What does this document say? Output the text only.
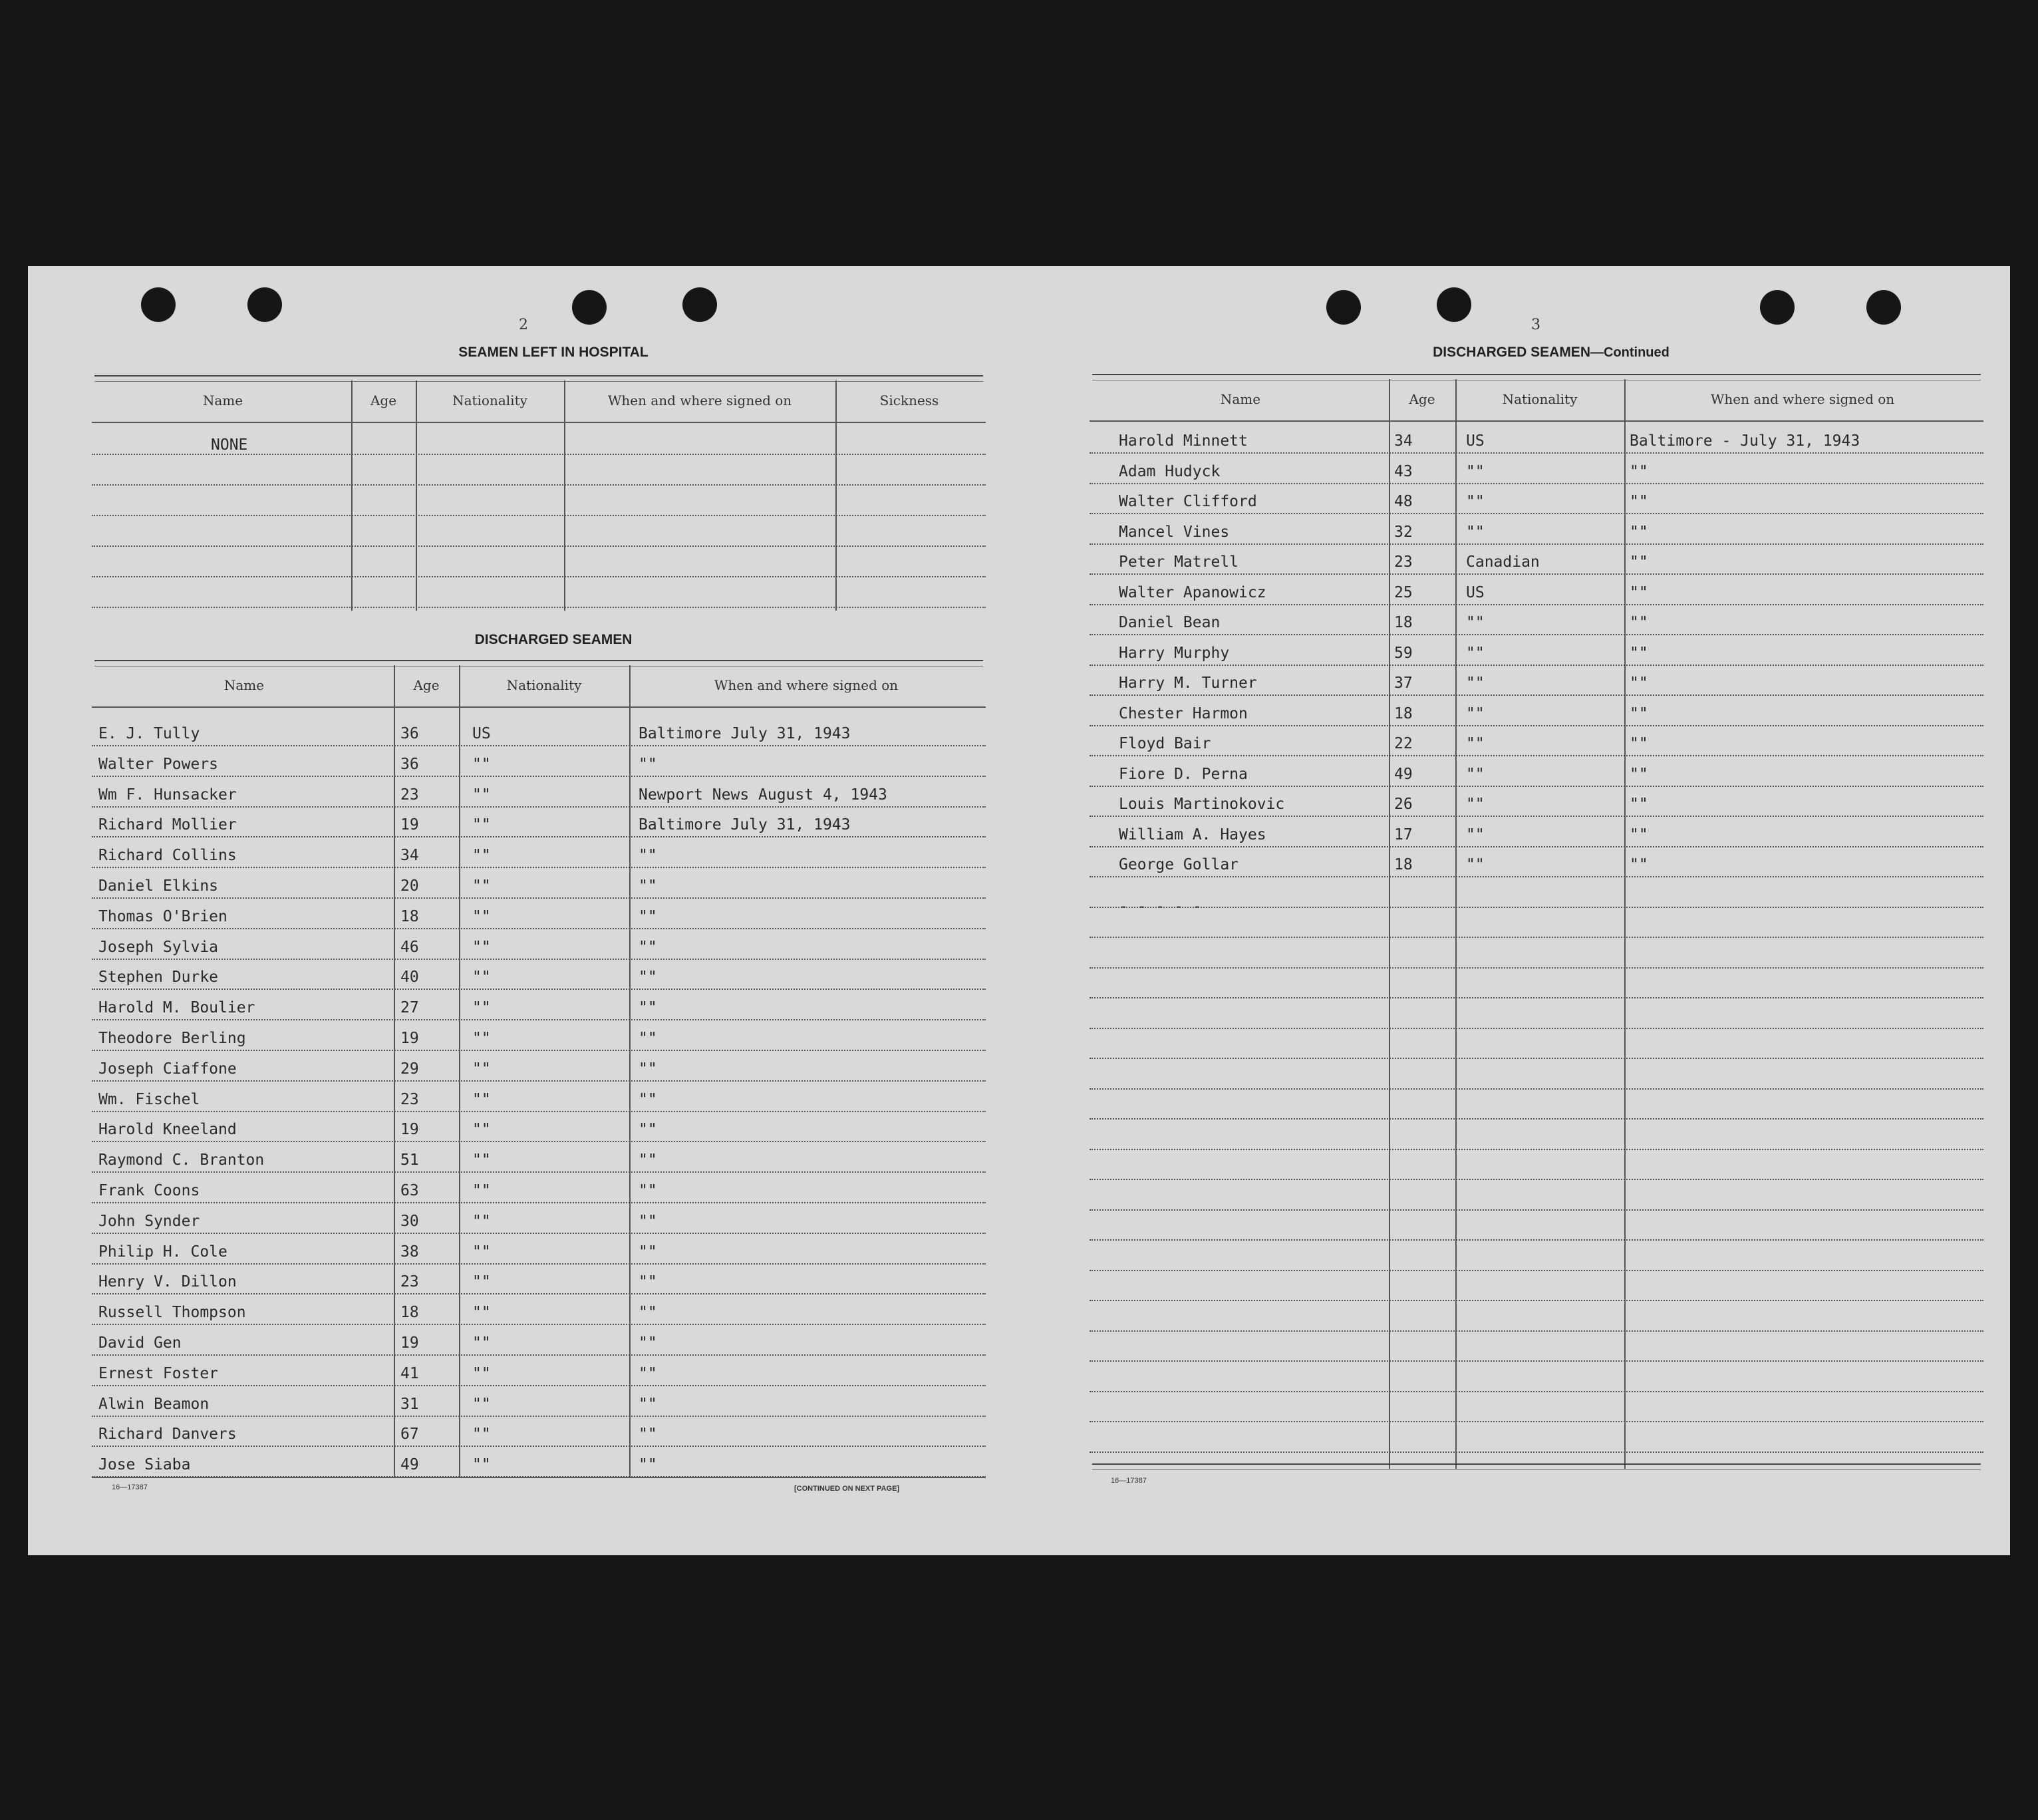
2
SEAMEN LEFT IN HOSPITAL
Name	Age	Nationality	When and where signed on	Sickness
NONE
DISCHARGED SEAMEN
Name	Age	Nationality	When and where signed on
E. J. Tully	36	US	Baltimore July 31, 1943
Walter Powers	36	""	""
Wm F. Hunsacker	23	""	Newport News August 4, 1943
Richard Mollier	19	""	Baltimore July 31, 1943
Richard Collins	34	""	""
Daniel Elkins	20	""	""
Thomas O'Brien	18	""	""
Joseph Sylvia	46	""	""
Stephen Durke	40	""	""
Harold M. Boulier	27	""	""
Theodore Berling	19	""	""
Joseph Ciaffone	29	""	""
Wm. Fischel	23	""	""
Harold Kneeland	19	""	""
Raymond C. Branton	51	""	""
Frank Coons	63	""	""
John Synder	30	""	""
Philip H. Cole	38	""	""
Henry V. Dillon	23	""	""
Russell Thompson	18	""	""
David Gen	19	""	""
Ernest Foster	41	""	""
Alwin Beamon	31	""	""
Richard Danvers	67	""	""
Jose Siaba	49	""	""
16—17387	[CONTINUED ON NEXT PAGE]
3
DISCHARGED SEAMEN—Continued
Name	Age	Nationality	When and where signed on
Harold Minnett	34	US	Baltimore - July 31, 1943
Adam Hudyck	43	""	""
Walter Clifford	48	""	""
Mancel Vines	32	""	""
Peter Matrell	23	Canadian	""
Walter Apanowicz	25	US	""
Daniel Bean	18	""	""
Harry Murphy	59	""	""
Harry M. Turner	37	""	""
Chester Harmon	18	""	""
Floyd Bair	22	""	""
Fiore D. Perna	49	""	""
Louis Martinokovic	26	""	""
William A. Hayes	17	""	""
George Gollar	18	""	""
- - - - -
16—17387
